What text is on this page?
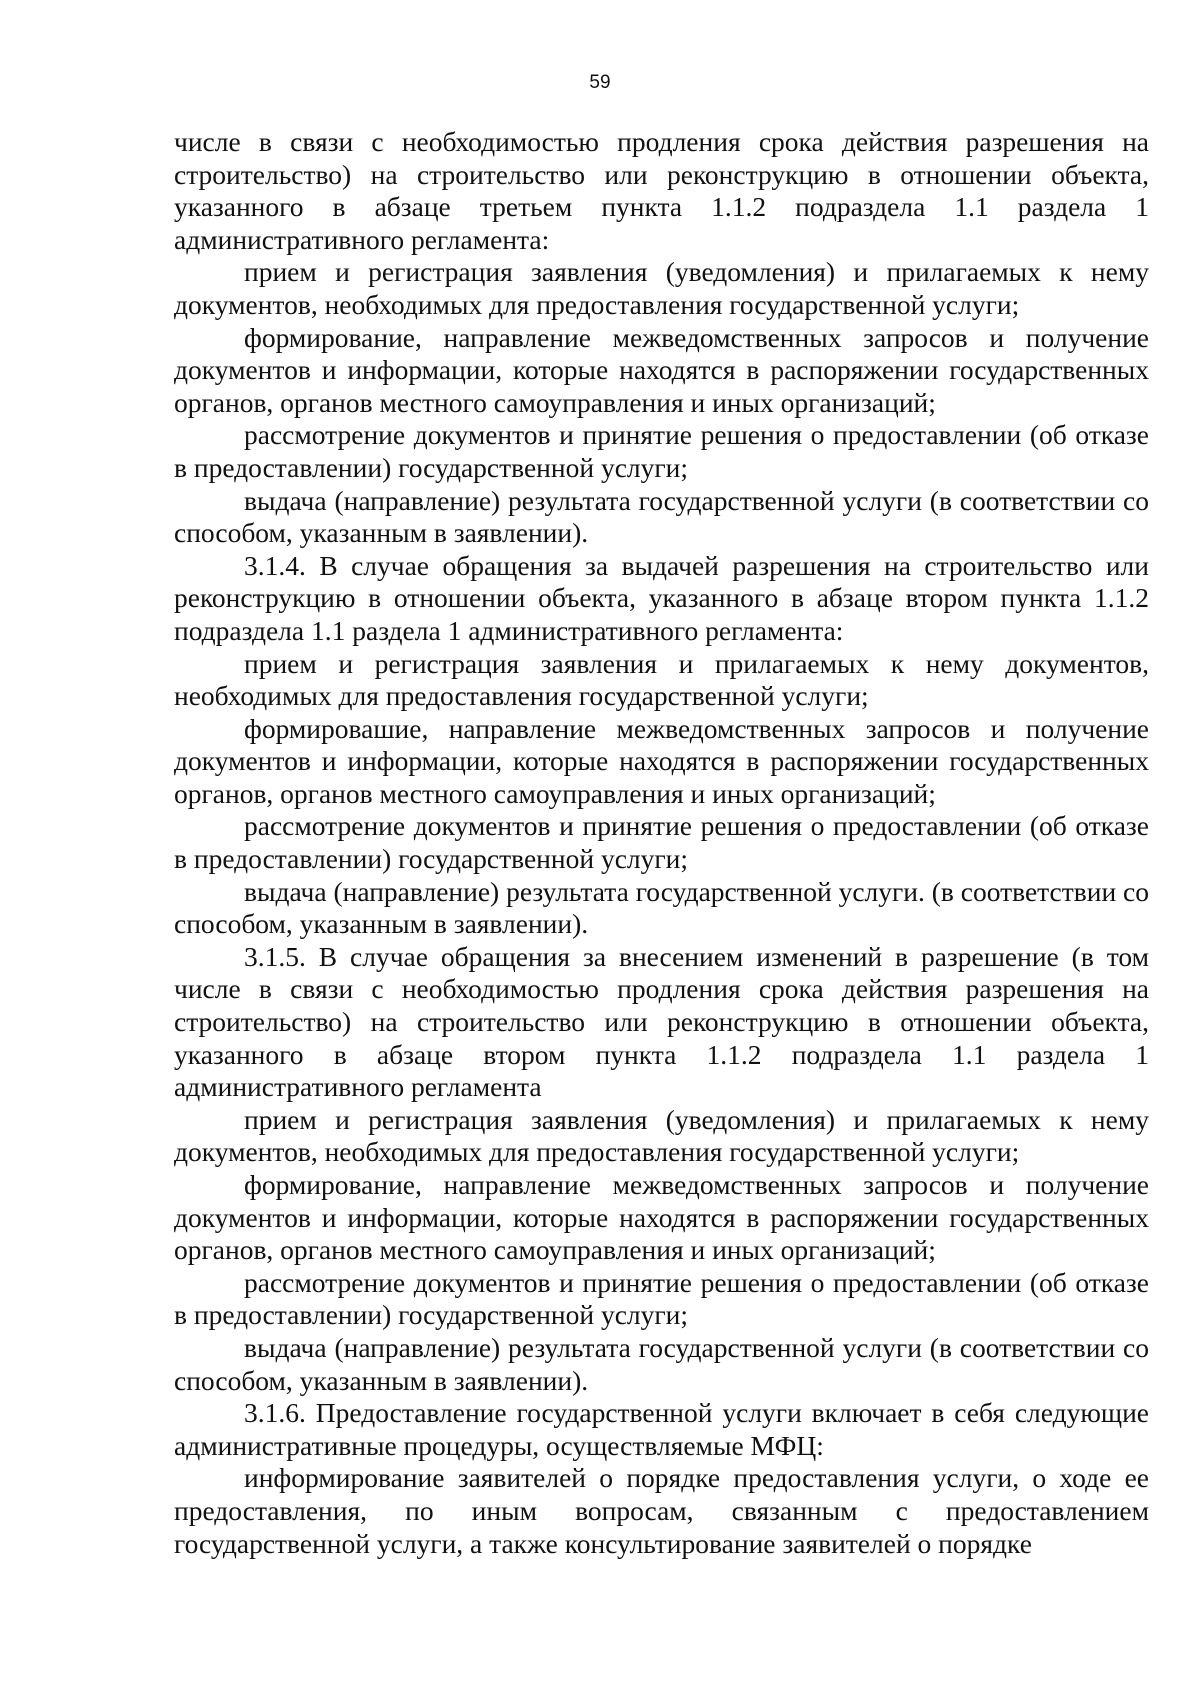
59

числе в связи с необходимостью продления срока действия разрешения на строительство) на строительство или реконструкцию в отношении объекта, указанного в абзаце третьем пункта 1.1.2 подраздела 1.1 раздела 1 административного регламента:

прием и регистрация заявления (уведомления) и прилагаемых к нему документов, необходимых для предоставления государственной услуги;

формирование, направление межведомственных запросов и получение документов и информации, которые находятся в распоряжении государственных органов, органов местного самоуправления и иных организаций;

рассмотрение документов и принятие решения о предоставлении (об отказе в предоставлении) государственной услуги;

выдача (направление) результата государственной услуги (в соответствии со способом, указанным в заявлении).

3.1.4. В случае обращения за выдачей разрешения на строительство или реконструкцию в отношении объекта, указанного в абзаце втором пункта 1.1.2 подраздела 1.1 раздела 1 административного регламента:

прием и регистрация заявления и прилагаемых к нему документов, необходимых для предоставления государственной услуги;

формировашие, направление межведомственных запросов и получение документов и информации, которые находятся в распоряжении государственных органов, органов местного самоуправления и иных организаций;

рассмотрение документов и принятие решения о предоставлении (об отказе в предоставлении) государственной услуги;

выдача (направление) результата государственной услуги. (в соответствии со способом, указанным в заявлении).

3.1.5. В случае обращения за внесением изменений в разрешение (в том числе в связи с необходимостью продления срока действия разрешения на строительство) на строительство или реконструкцию в отношении объекта, указанного в абзаце втором пункта 1.1.2 подраздела 1.1 раздела 1 административного регламента

прием и регистрация заявления (уведомления) и прилагаемых к нему документов, необходимых для предоставления государственной услуги;

формирование, направление межведомственных запросов и получение документов и информации, которые находятся в распоряжении государственных органов, органов местного самоуправления и иных организаций;

рассмотрение документов и принятие решения о предоставлении (об отказе в предоставлении) государственной услуги;

выдача (направление) результата государственной услуги (в соответствии со способом, указанным в заявлении).

3.1.6. Предоставление государственной услуги включает в себя следующие административные процедуры, осуществляемые МФЦ:

информирование заявителей о порядке предоставления услуги, о ходе ее предоставления, по иным вопросам, связанным с предоставлением государственной услуги, а также консультирование заявителей о порядке
